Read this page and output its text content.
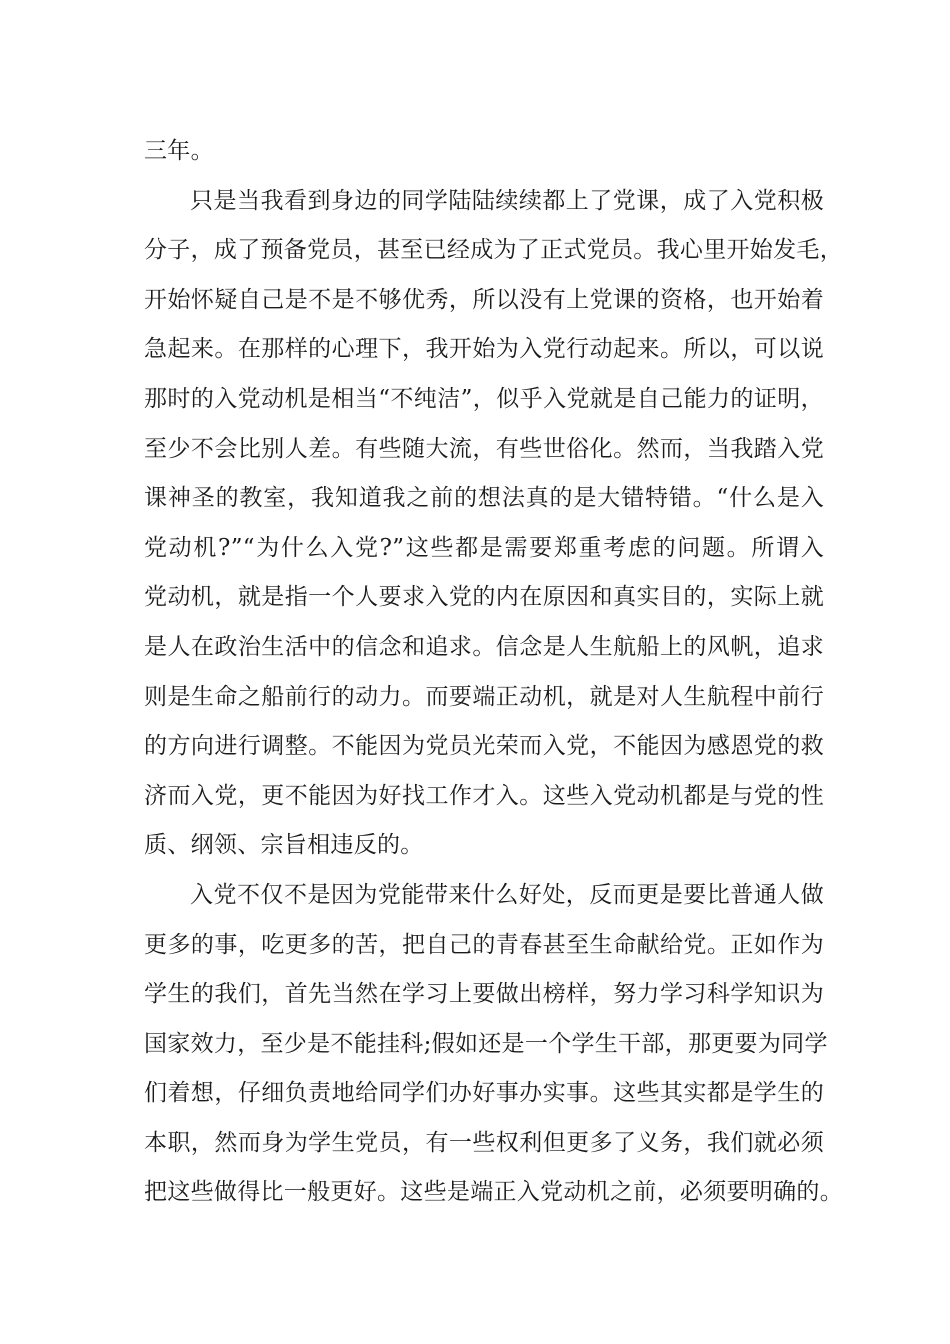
三年。
只是当我看到身边的同学陆陆续续都上了党课，成了入党积极
分子，成了预备党员，甚至已经成为了正式党员。我心里开始发毛，
开始怀疑自己是不是不够优秀，所以没有上党课的资格，也开始着
急起来。在那样的心理下，我开始为入党行动起来。所以，可以说
那时的入党动机是相当“不纯洁”，似乎入党就是自己能力的证明，
至少不会比别人差。有些随大流，有些世俗化。然而，当我踏入党
课神圣的教室，我知道我之前的想法真的是大错特错。“什么是入
党动机?”“为什么入党?”这些都是需要郑重考虑的问题。所谓入
党动机，就是指一个人要求入党的内在原因和真实目的，实际上就
是人在政治生活中的信念和追求。信念是人生航船上的风帆，追求
则是生命之船前行的动力。而要端正动机，就是对人生航程中前行
的方向进行调整。不能因为党员光荣而入党，不能因为感恩党的救
济而入党，更不能因为好找工作才入。这些入党动机都是与党的性
质、纲领、宗旨相违反的。
入党不仅不是因为党能带来什么好处，反而更是要比普通人做
更多的事，吃更多的苦，把自己的青春甚至生命献给党。正如作为
学生的我们，首先当然在学习上要做出榜样，努力学习科学知识为
国家效力，至少是不能挂科;假如还是一个学生干部，那更要为同学
们着想，仔细负责地给同学们办好事办实事。这些其实都是学生的
本职，然而身为学生党员，有一些权利但更多了义务，我们就必须
把这些做得比一般更好。这些是端正入党动机之前，必须要明确的。
